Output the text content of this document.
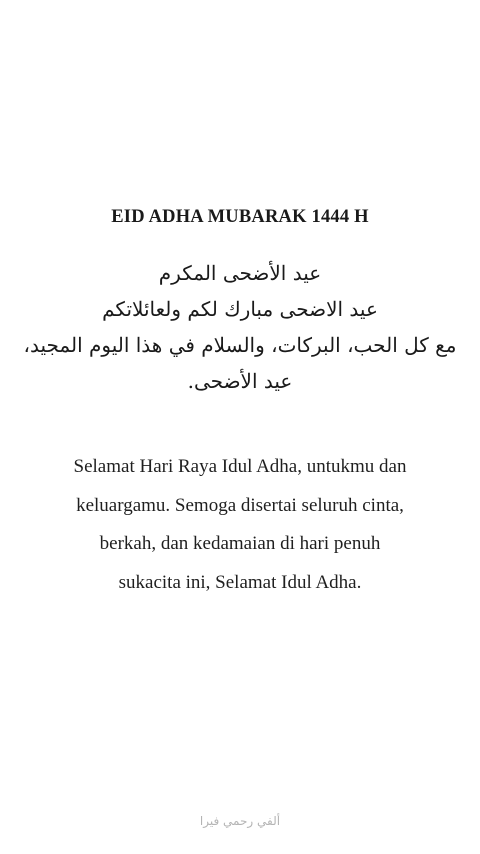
EID ADHA MUBARAK 1444 H
عيد الأضحى المكرم
عيد الاضحى مبارك لكم ولعائلاتكم
مع كل الحب، البركات، والسلام في هذا اليوم المجيد،
عيد الأضحى.
Selamat Hari Raya Idul Adha, untukmu dan
keluargamu. Semoga disertai seluruh cinta,
berkah, dan kedamaian di hari penuh
sukacita ini, Selamat Idul Adha.
ألفي رحمي فيرا
